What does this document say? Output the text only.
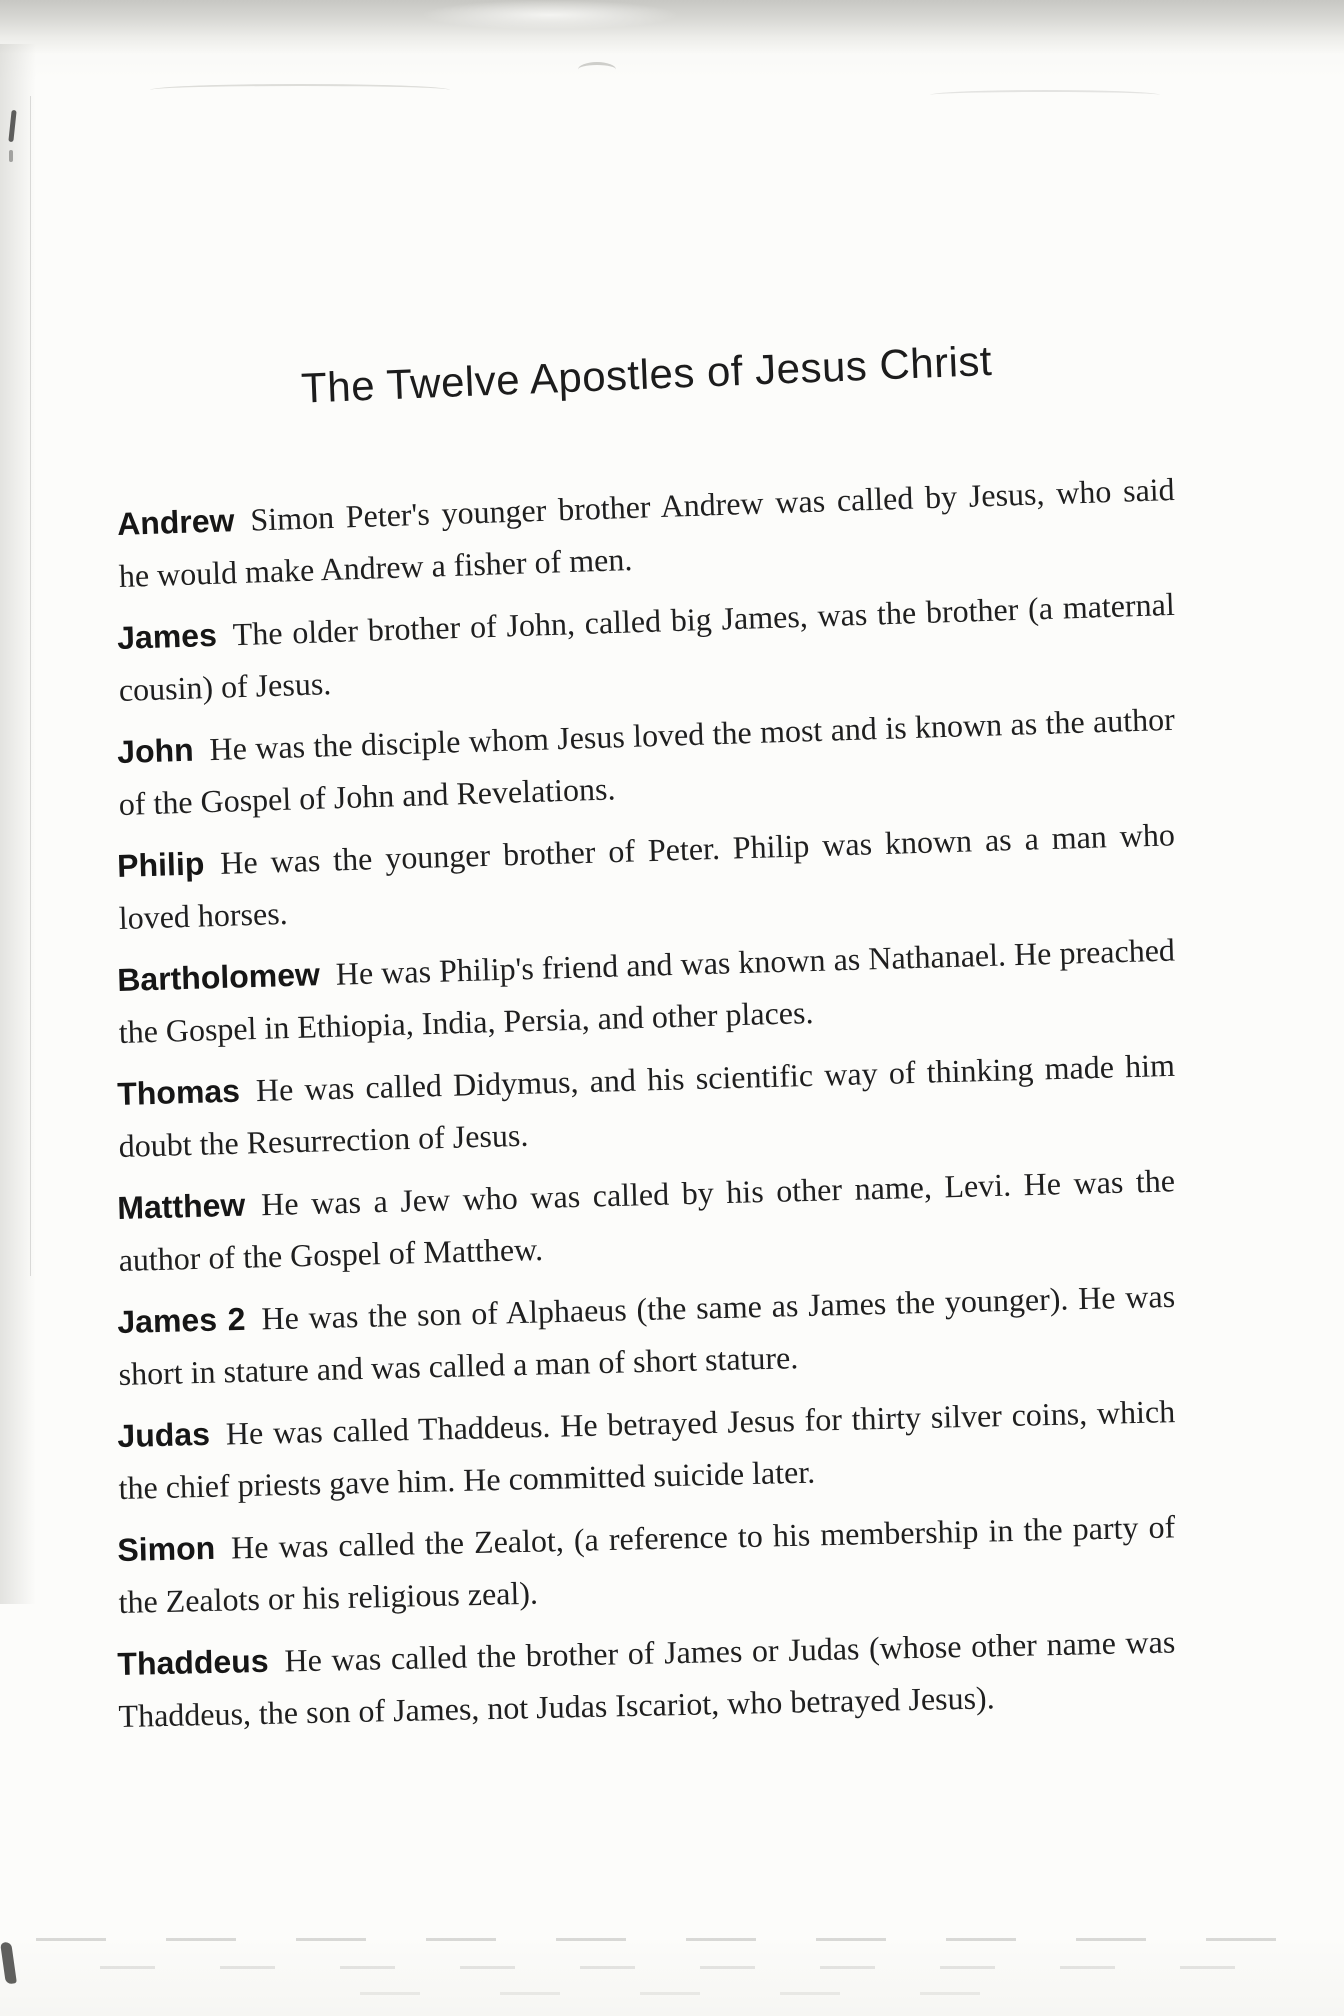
The Twelve Apostles of Jesus Christ

Andrew Simon Peter's younger brother Andrew was called by Jesus, who said he would make Andrew a fisher of men.

James The older brother of John, called big James, was the brother (a maternal cousin) of Jesus.

John He was the disciple whom Jesus loved the most and is known as the author of the Gospel of John and Revelations.

Philip He was the younger brother of Peter. Philip was known as a man who loved horses.

Bartholomew He was Philip's friend and was known as Nathanael. He preached the Gospel in Ethiopia, India, Persia, and other places.

Thomas He was called Didymus, and his scientific way of thinking made him doubt the Resurrection of Jesus.

Matthew He was a Jew who was called by his other name, Levi. He was the author of the Gospel of Matthew.

James 2 He was the son of Alphaeus (the same as James the younger). He was short in stature and was called a man of short stature.

Judas He was called Thaddeus. He betrayed Jesus for thirty silver coins, which the chief priests gave him. He committed suicide later.

Simon He was called the Zealot, (a reference to his membership in the party of the Zealots or his religious zeal).

Thaddeus He was called the brother of James or Judas (whose other name was Thaddeus, the son of James, not Judas Iscariot, who betrayed Jesus).
